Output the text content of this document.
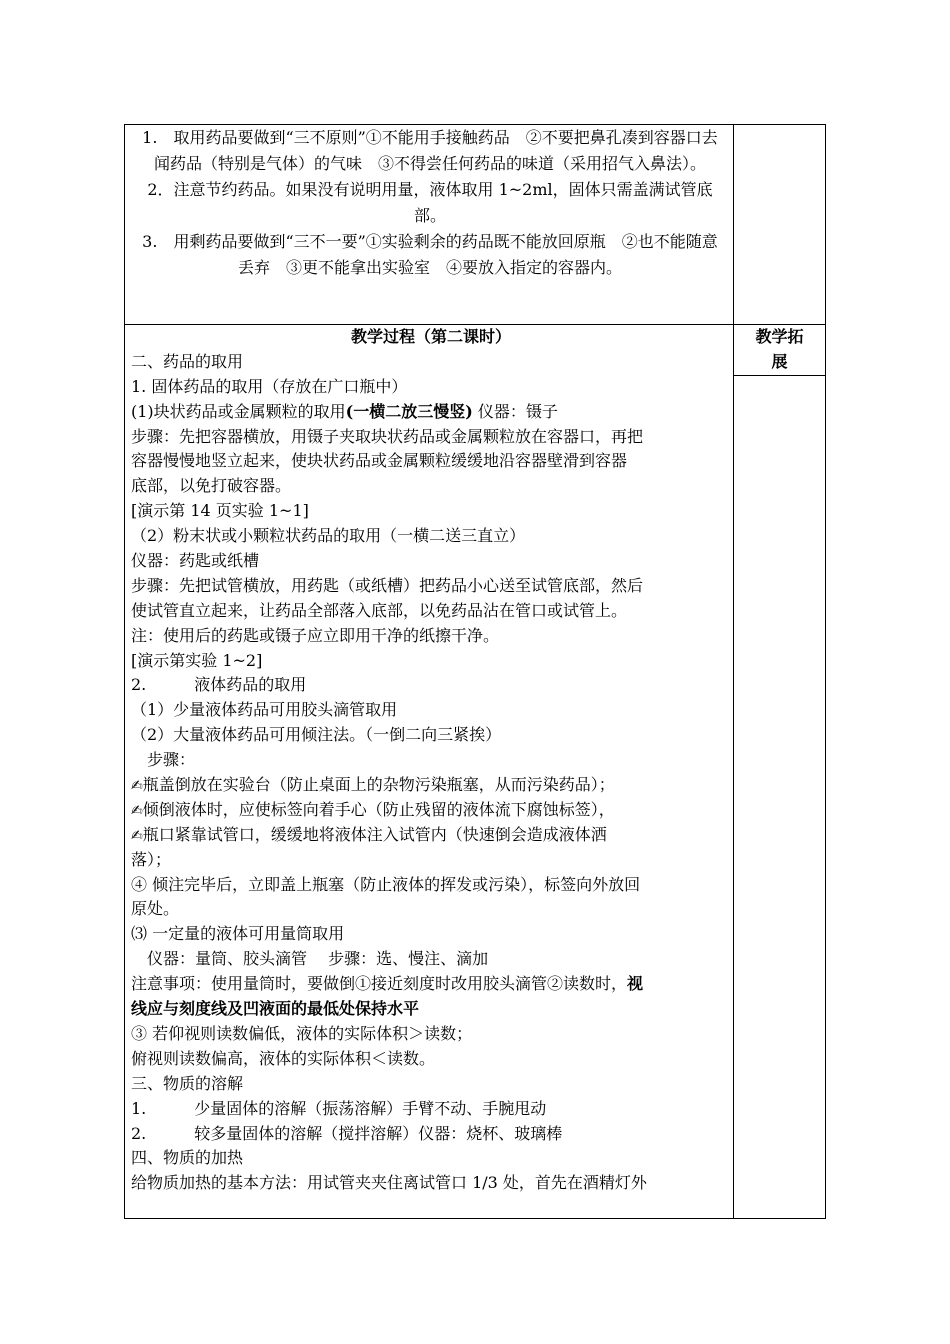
1.　取用药品要做到“三不原则”①不能用手接触药品　②不要把鼻孔凑到容器口去闻药品（特别是气体）的气味　③不得尝任何药品的味道（采用招气入鼻法）。

2．注意节约药品。如果没有说明用量，液体取用 1~2ml，固体只需盖满试管底部。

3.　用剩药品要做到“三不一要”①实验剩余的药品既不能放回原瓶　②也不能随意丢弃　③更不能拿出实验室　④要放入指定的容器内。

教学过程（第二课时）
二、药品的取用
1. 固体药品的取用（存放在广口瓶中）
(1)块状药品或金属颗粒的取用(一横二放三慢竖) 仪器：镊子
步骤：先把容器横放，用镊子夹取块状药品或金属颗粒放在容器口，再把
容器慢慢地竖立起来，使块状药品或金属颗粒缓缓地沿容器壁滑到容器
底部，以免打破容器。
[演示第 14 页实验 1~1]
（2）粉末状或小颗粒状药品的取用（一横二送三直立）
仪器：药匙或纸槽
步骤：先把试管横放，用药匙（或纸槽）把药品小心送至试管底部，然后
使试管直立起来，让药品全部落入底部，以免药品沾在管口或试管上。
注：使用后的药匙或镊子应立即用干净的纸擦干净。
[演示第实验 1~2]
2.　　　液体药品的取用
（1）少量液体药品可用胶头滴管取用
（2）大量液体药品可用倾注法。（一倒二向三紧挨）
　步骤：
✍瓶盖倒放在实验台（防止桌面上的杂物污染瓶塞，从而污染药品）；
✍倾倒液体时，应使标签向着手心（防止残留的液体流下腐蚀标签），
✍瓶口紧靠试管口，缓缓地将液体注入试管内（快速倒会造成液体洒
落）；
④ 倾注完毕后，立即盖上瓶塞（防止液体的挥发或污染），标签向外放回
原处。
⑶ 一定量的液体可用量筒取用
　仪器：量筒、胶头滴管　 步骤：选、慢注、滴加
注意事项：使用量筒时，要做倒①接近刻度时改用胶头滴管②读数时，视
线应与刻度线及凹液面的最低处保持水平
③ 若仰视则读数偏低，液体的实际体积＞读数；
俯视则读数偏高，液体的实际体积＜读数。
三、物质的溶解
1.　　　少量固体的溶解（振荡溶解）手臂不动、手腕甩动
2.　　　较多量固体的溶解（搅拌溶解）仪器：烧杯、玻璃棒
四、物质的加热
给物质加热的基本方法：用试管夹夹住离试管口 1/3 处，首先在酒精灯外
教学拓
展
